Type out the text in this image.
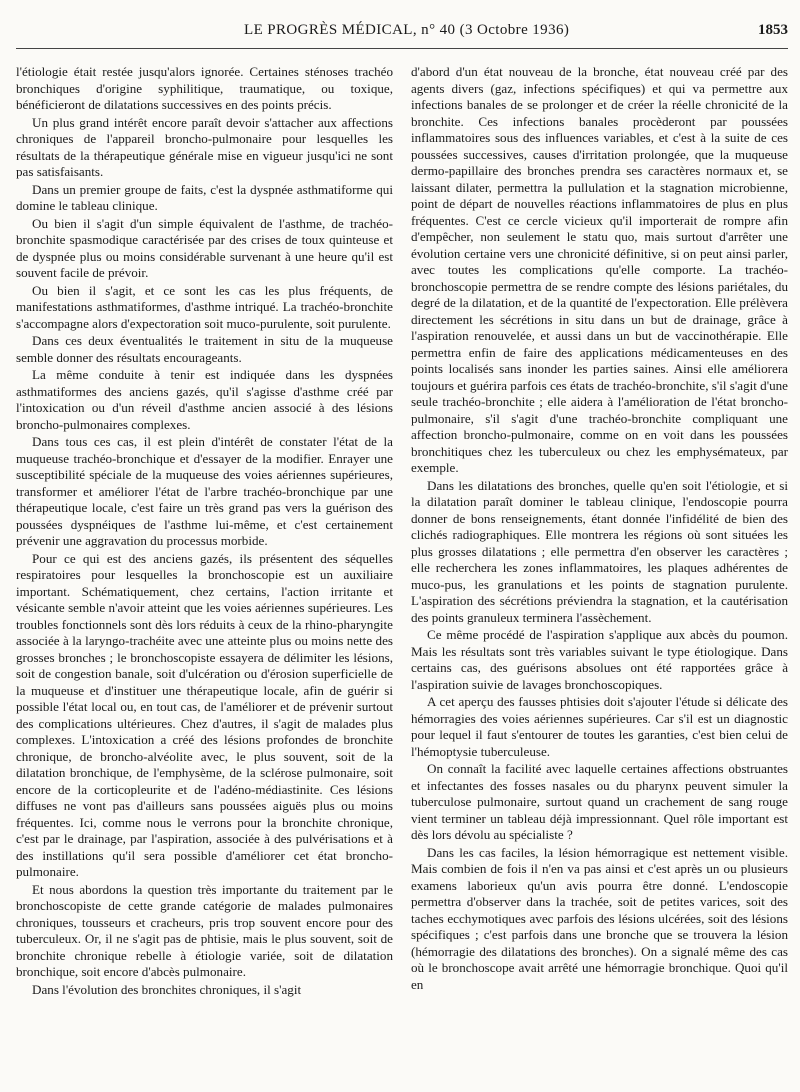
LE PROGRÈS MÉDICAL, n° 40 (3 Octobre 1936)	1853

l'étiologie était restée jusqu'alors ignorée. Certaines sténoses trachéo bronchiques d'origine syphilitique, traumatique, ou toxique, bénéficieront de dilatations successives en des points précis.

Un plus grand intérêt encore paraît devoir s'attacher aux affections chroniques de l'appareil broncho-pulmonaire pour lesquelles les résultats de la thérapeutique générale mise en vigueur jusqu'ici ne sont pas satisfaisants.

Dans un premier groupe de faits, c'est la dyspnée asthmatiforme qui domine le tableau clinique.

Ou bien il s'agit d'un simple équivalent de l'asthme, de trachéo-bronchite spasmodique caractérisée par des crises de toux quinteuse et de dyspnée plus ou moins considérable survenant à une heure qu'il est souvent facile de prévoir.

Ou bien il s'agit, et ce sont les cas les plus fréquents, de manifestations asthmatiformes, d'asthme intriqué. La trachéo-bronchite s'accompagne alors d'expectoration soit muco-purulente, soit purulente.

Dans ces deux éventualités le traitement in situ de la muqueuse semble donner des résultats encourageants.

La même conduite à tenir est indiquée dans les dyspnées asthmatiformes des anciens gazés, qu'il s'agisse d'asthme créé par l'intoxication ou d'un réveil d'asthme ancien associé à des lésions broncho-pulmonaires complexes.

Dans tous ces cas, il est plein d'intérêt de constater l'état de la muqueuse trachéo-bronchique et d'essayer de la modifier. Enrayer une susceptibilité spéciale de la muqueuse des voies aériennes supérieures, transformer et améliorer l'état de l'arbre trachéo-bronchique par une thérapeutique locale, c'est faire un très grand pas vers la guérison des poussées dyspnéiques de l'asthme lui-même, et c'est certainement prévenir une aggravation du processus morbide.

Pour ce qui est des anciens gazés, ils présentent des séquelles respiratoires pour lesquelles la bronchoscopie est un auxiliaire important. Schématiquement, chez certains, l'action irritante et vésicante semble n'avoir atteint que les voies aériennes supérieures. Les troubles fonctionnels sont dès lors réduits à ceux de la rhino-pharyngite associée à la laryngo-trachéite avec une atteinte plus ou moins nette des grosses bronches ; le bronchoscopiste essayera de délimiter les lésions, soit de congestion banale, soit d'ulcération ou d'érosion superficielle de la muqueuse et d'instituer une thérapeutique locale, afin de guérir si possible l'état local ou, en tout cas, de l'améliorer et de prévenir surtout des complications ultérieures. Chez d'autres, il s'agit de malades plus complexes. L'intoxication a créé des lésions profondes de bronchite chronique, de broncho-alvéolite avec, le plus souvent, soit de la dilatation bronchique, de l'emphysème, de la sclérose pulmonaire, soit encore de la corticopleurite et de l'adéno-médiastinite. Ces lésions diffuses ne vont pas d'ailleurs sans poussées aiguës plus ou moins fréquentes. Ici, comme nous le verrons pour la bronchite chronique, c'est par le drainage, par l'aspiration, associée à des pulvérisations et à des instillations qu'il sera possible d'améliorer cet état broncho-pulmonaire.

Et nous abordons la question très importante du traitement par le bronchoscopiste de cette grande catégorie de malades pulmonaires chroniques, tousseurs et cracheurs, pris trop souvent encore pour des tuberculeux. Or, il ne s'agit pas de phtisie, mais le plus souvent, soit de bronchite chronique rebelle à étiologie variée, soit de dilatation bronchique, soit encore d'abcès pulmonaire.

Dans l'évolution des bronchites chroniques, il s'agit

d'abord d'un état nouveau de la bronche, état nouveau créé par des agents divers (gaz, infections spécifiques) et qui va permettre aux infections banales de se prolonger et de créer la réelle chronicité de la bronchite. Ces infections banales procèderont par poussées inflammatoires sous des influences variables, et c'est à la suite de ces poussées successives, causes d'irritation prolongée, que la muqueuse dermo-papillaire des bronches prendra ses caractères normaux et, se laissant dilater, permettra la pullulation et la stagnation microbienne, point de départ de nouvelles réactions inflammatoires de plus en plus fréquentes. C'est ce cercle vicieux qu'il importerait de rompre afin d'empêcher, non seulement le statu quo, mais surtout d'arrêter une évolution certaine vers une chronicité définitive, si on peut ainsi parler, avec toutes les complications qu'elle comporte. La trachéo-bronchoscopie permettra de se rendre compte des lésions pariétales, du degré de la dilatation, et de la quantité de l'expectoration. Elle prélèvera directement les sécrétions in situ dans un but de drainage, grâce à l'aspiration renouvelée, et aussi dans un but de vaccinothérapie. Elle permettra enfin de faire des applications médicamenteuses en des points localisés sans inonder les parties saines. Ainsi elle améliorera toujours et guérira parfois ces états de trachéo-bronchite, s'il s'agit d'une seule trachéo-bronchite ; elle aidera à l'amélioration de l'état broncho-pulmonaire, s'il s'agit d'une trachéo-bronchite compliquant une affection broncho-pulmonaire, comme on en voit dans les poussées bronchitiques chez les tuberculeux ou chez les emphysémateux, par exemple.

Dans les dilatations des bronches, quelle qu'en soit l'étiologie, et si la dilatation paraît dominer le tableau clinique, l'endoscopie pourra donner de bons renseignements, étant donnée l'infidélité de bien des clichés radiographiques. Elle montrera les régions où sont situées les plus grosses dilatations ; elle permettra d'en observer les caractères ; elle recherchera les zones inflammatoires, les plaques adhérentes de muco-pus, les granulations et les points de stagnation purulente. L'aspiration des sécrétions préviendra la stagnation, et la cautérisation des points granuleux terminera l'assèchement.

Ce même procédé de l'aspiration s'applique aux abcès du poumon. Mais les résultats sont très variables suivant le type étiologique. Dans certains cas, des guérisons absolues ont été rapportées grâce à l'aspiration suivie de lavages bronchoscopiques.

A cet aperçu des fausses phtisies doit s'ajouter l'étude si délicate des hémorragies des voies aériennes supérieures. Car s'il est un diagnostic pour lequel il faut s'entourer de toutes les garanties, c'est bien celui de l'hémoptysie tuberculeuse.

On connaît la facilité avec laquelle certaines affections obstruantes et infectantes des fosses nasales ou du pharynx peuvent simuler la tuberculose pulmonaire, surtout quand un crachement de sang rouge vient terminer un tableau déjà impressionnant. Quel rôle important est dès lors dévolu au spécialiste ?

Dans les cas faciles, la lésion hémorragique est nettement visible. Mais combien de fois il n'en va pas ainsi et c'est après un ou plusieurs examens laborieux qu'un avis pourra être donné. L'endoscopie permettra d'observer dans la trachée, soit de petites varices, soit des taches ecchymotiques avec parfois des lésions ulcérées, soit des lésions spécifiques ; c'est parfois dans une bronche que se trouvera la lésion (hémorragie des dilatations des bronches). On a signalé même des cas où le bronchoscope avait arrêté une hémorragie bronchique. Quoi qu'il en
